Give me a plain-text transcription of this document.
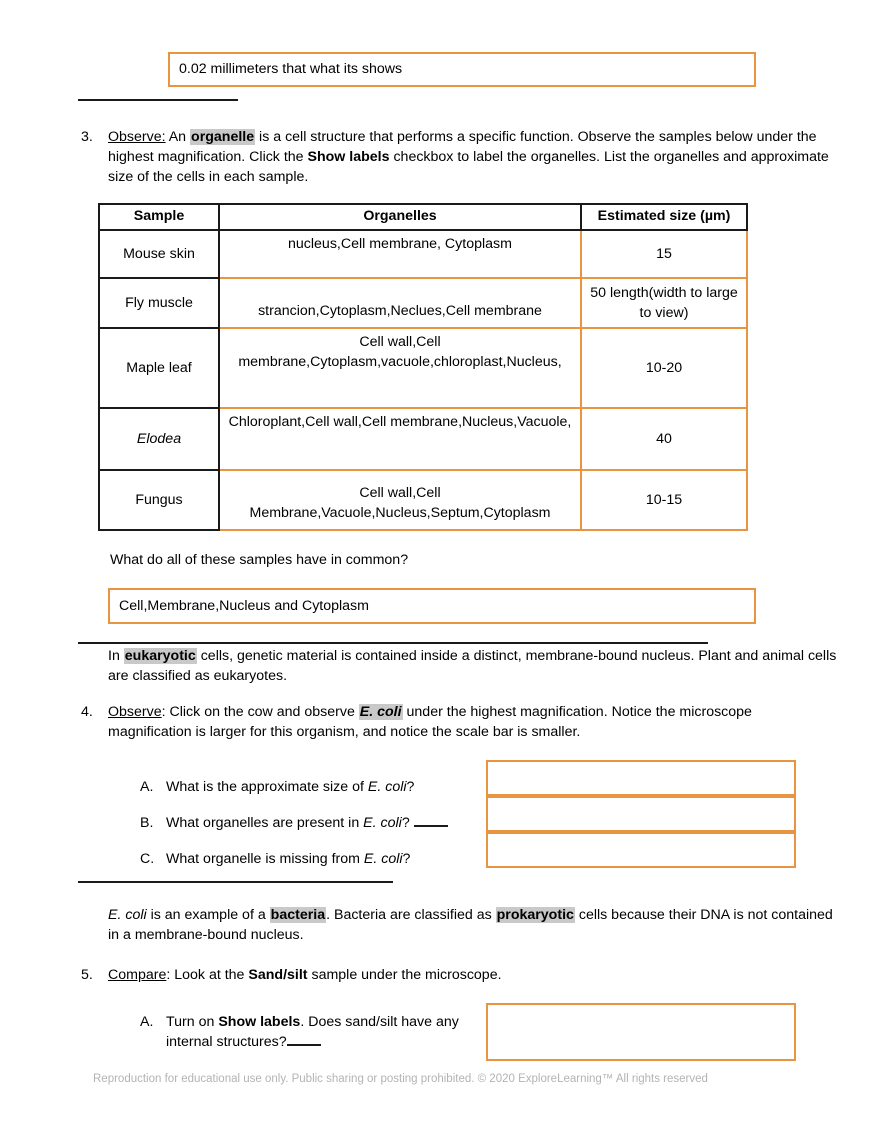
0.02 millimeters that what its shows
3.	Observe: An organelle is a cell structure that performs a specific function. Observe the samples below under the highest magnification. Click the Show labels checkbox to label the organelles. List the organelles and approximate size of the cells in each sample.
Sample	Organelles	Estimated size (µm)
Mouse skin	nucleus,Cell membrane, Cytoplasm	15
Fly muscle	strancion,Cytoplasm,Neclues,Cell membrane	50 length(width to large to view)
Maple leaf	Cell wall,Cell membrane,Cytoplasm,vacuole,chloroplast,Nucleus,	10-20
Elodea	Chloroplant,Cell wall,Cell membrane,Nucleus,Vacuole,	40
Fungus	Cell wall,Cell Membrane,Vacuole,Nucleus,Septum,Cytoplasm	10-15
What do all of these samples have in common?
Cell,Membrane,Nucleus and Cytoplasm
In eukaryotic cells, genetic material is contained inside a distinct, membrane-bound nucleus. Plant and animal cells are classified as eukaryotes.
4.	Observe: Click on the cow and observe E. coli under the highest magnification. Notice the microscope magnification is larger for this organism, and notice the scale bar is smaller.
A. What is the approximate size of E. coli?
B. What organelles are present in E. coli?
C. What organelle is missing from E. coli?
E. coli is an example of a bacteria. Bacteria are classified as prokaryotic cells because their DNA is not contained in a membrane-bound nucleus.
5.	Compare: Look at the Sand/silt sample under the microscope.
A. Turn on Show labels. Does sand/silt have any internal structures?
Reproduction for educational use only. Public sharing or posting prohibited. © 2020 ExploreLearning™ All rights reserved
